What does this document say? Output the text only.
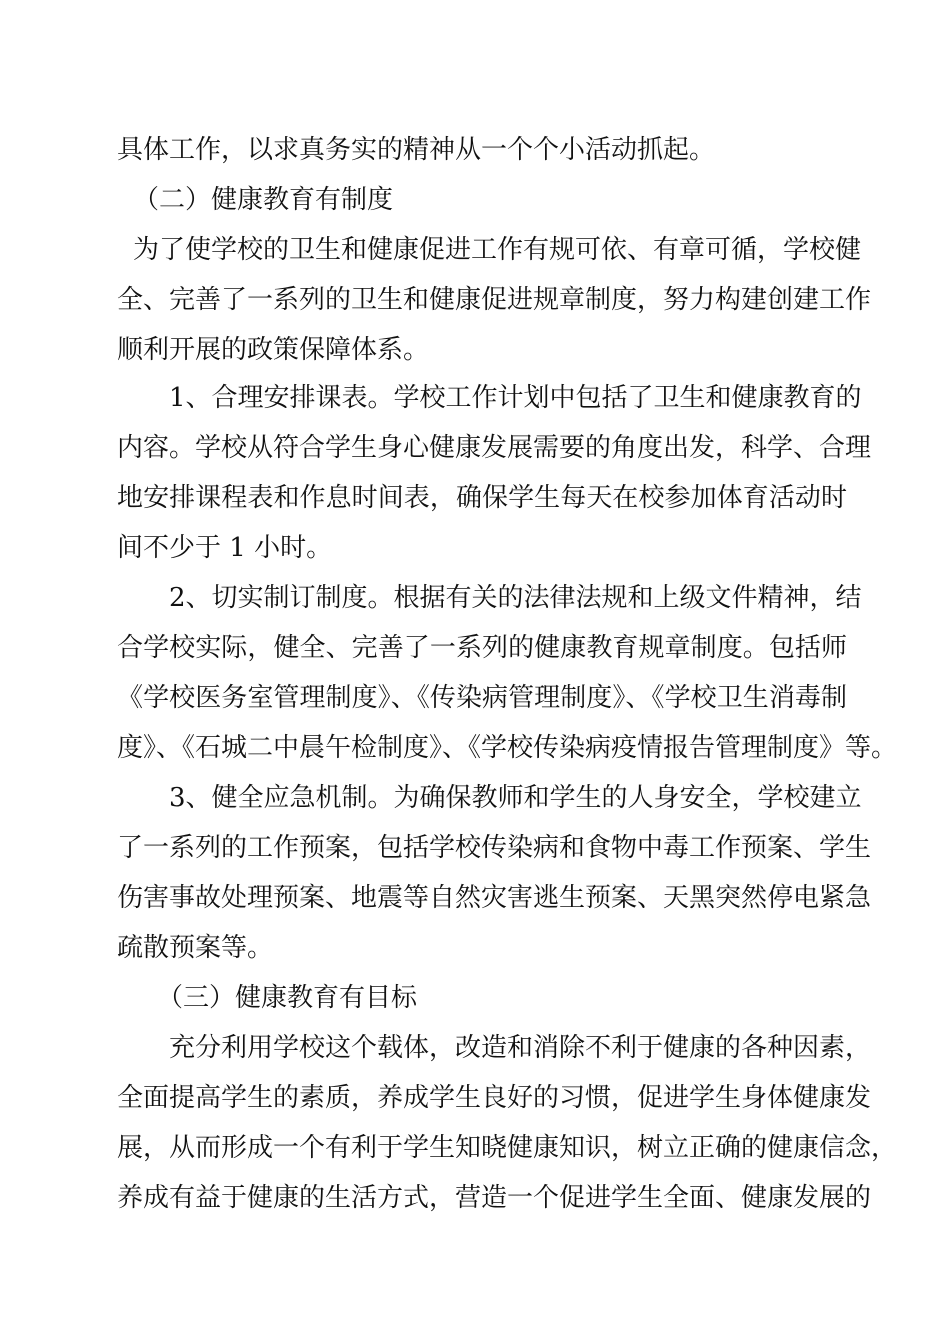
具体工作，以求真务实的精神从一个个小活动抓起。
（二）健康教育有制度
为了使学校的卫生和健康促进工作有规可依、有章可循，学校健
全、完善了一系列的卫生和健康促进规章制度，努力构建创建工作
顺利开展的政策保障体系。
1、合理安排课表。学校工作计划中包括了卫生和健康教育的
内容。学校从符合学生身心健康发展需要的角度出发，科学、合理
地安排课程表和作息时间表，确保学生每天在校参加体育活动时
间不少于 1 小时。
2、切实制订制度。根据有关的法律法规和上级文件精神，结
合学校实际，健全、完善了一系列的健康教育规章制度。包括师
《学校医务室管理制度》、《传染病管理制度》、《学校卫生消毒制
度》、《石城二中晨午检制度》、《学校传染病疫情报告管理制度》等。
3、健全应急机制。为确保教师和学生的人身安全，学校建立
了一系列的工作预案，包括学校传染病和食物中毒工作预案、学生
伤害事故处理预案、地震等自然灾害逃生预案、天黑突然停电紧急
疏散预案等。
（三）健康教育有目标
充分利用学校这个载体，改造和消除不利于健康的各种因素，
全面提高学生的素质，养成学生良好的习惯，促进学生身体健康发
展，从而形成一个有利于学生知晓健康知识，树立正确的健康信念，
养成有益于健康的生活方式，营造一个促进学生全面、健康发展的
